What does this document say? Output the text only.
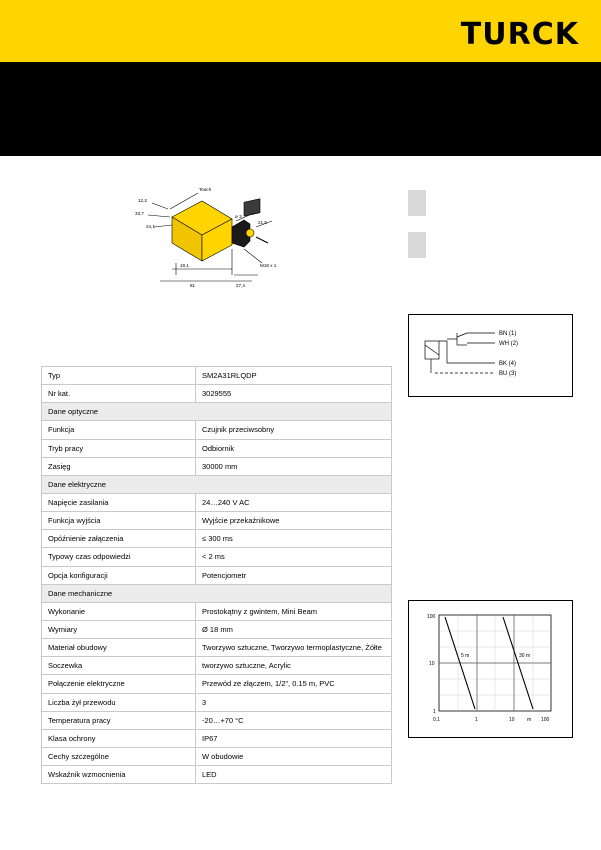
TURCK
Teach
12,2
33,7
24,1
ø 3
21,5
M18 x 1
19,1
81	27,4
BN (1)
WH (2)
BK (4)
BU (3)
5 m	30 m
100
10
1
0,1	1	10 m 100
Typ	SM2A31RLQDP
Nr kat.	3029555
Dane optyczne	
Funkcja	Czujnik przeciwsobny
Tryb pracy	Odbiornik
Zasięg	30000 mm
Dane elektryczne	
Napięcie zasilania	24…240 V AC
Funkcja wyjścia	Wyjście przekaźnikowe
Opóźnienie załączenia	≤ 300 ms
Typowy czas odpowiedzi	< 2 ms
Opcja konfiguracji	Potencjometr
Dane mechaniczne	
Wykonanie	Prostokątny z gwintem, Mini Beam
Wymiary	Ø 18 mm
Materiał obudowy	Tworzywo sztuczne, Tworzywo termoplastyczne, Żółte
Soczewka	tworzywo sztuczne, Acrylic
Połączenie elektryczne	Przewód ze złączem, 1/2", 0.15 m, PVC
Liczba żył przewodu	3
Temperatura pracy	-20…+70 °C
Klasa ochrony	IP67
Cechy szczególne	W obudowie
Wskaźnik wzmocnienia	LED
